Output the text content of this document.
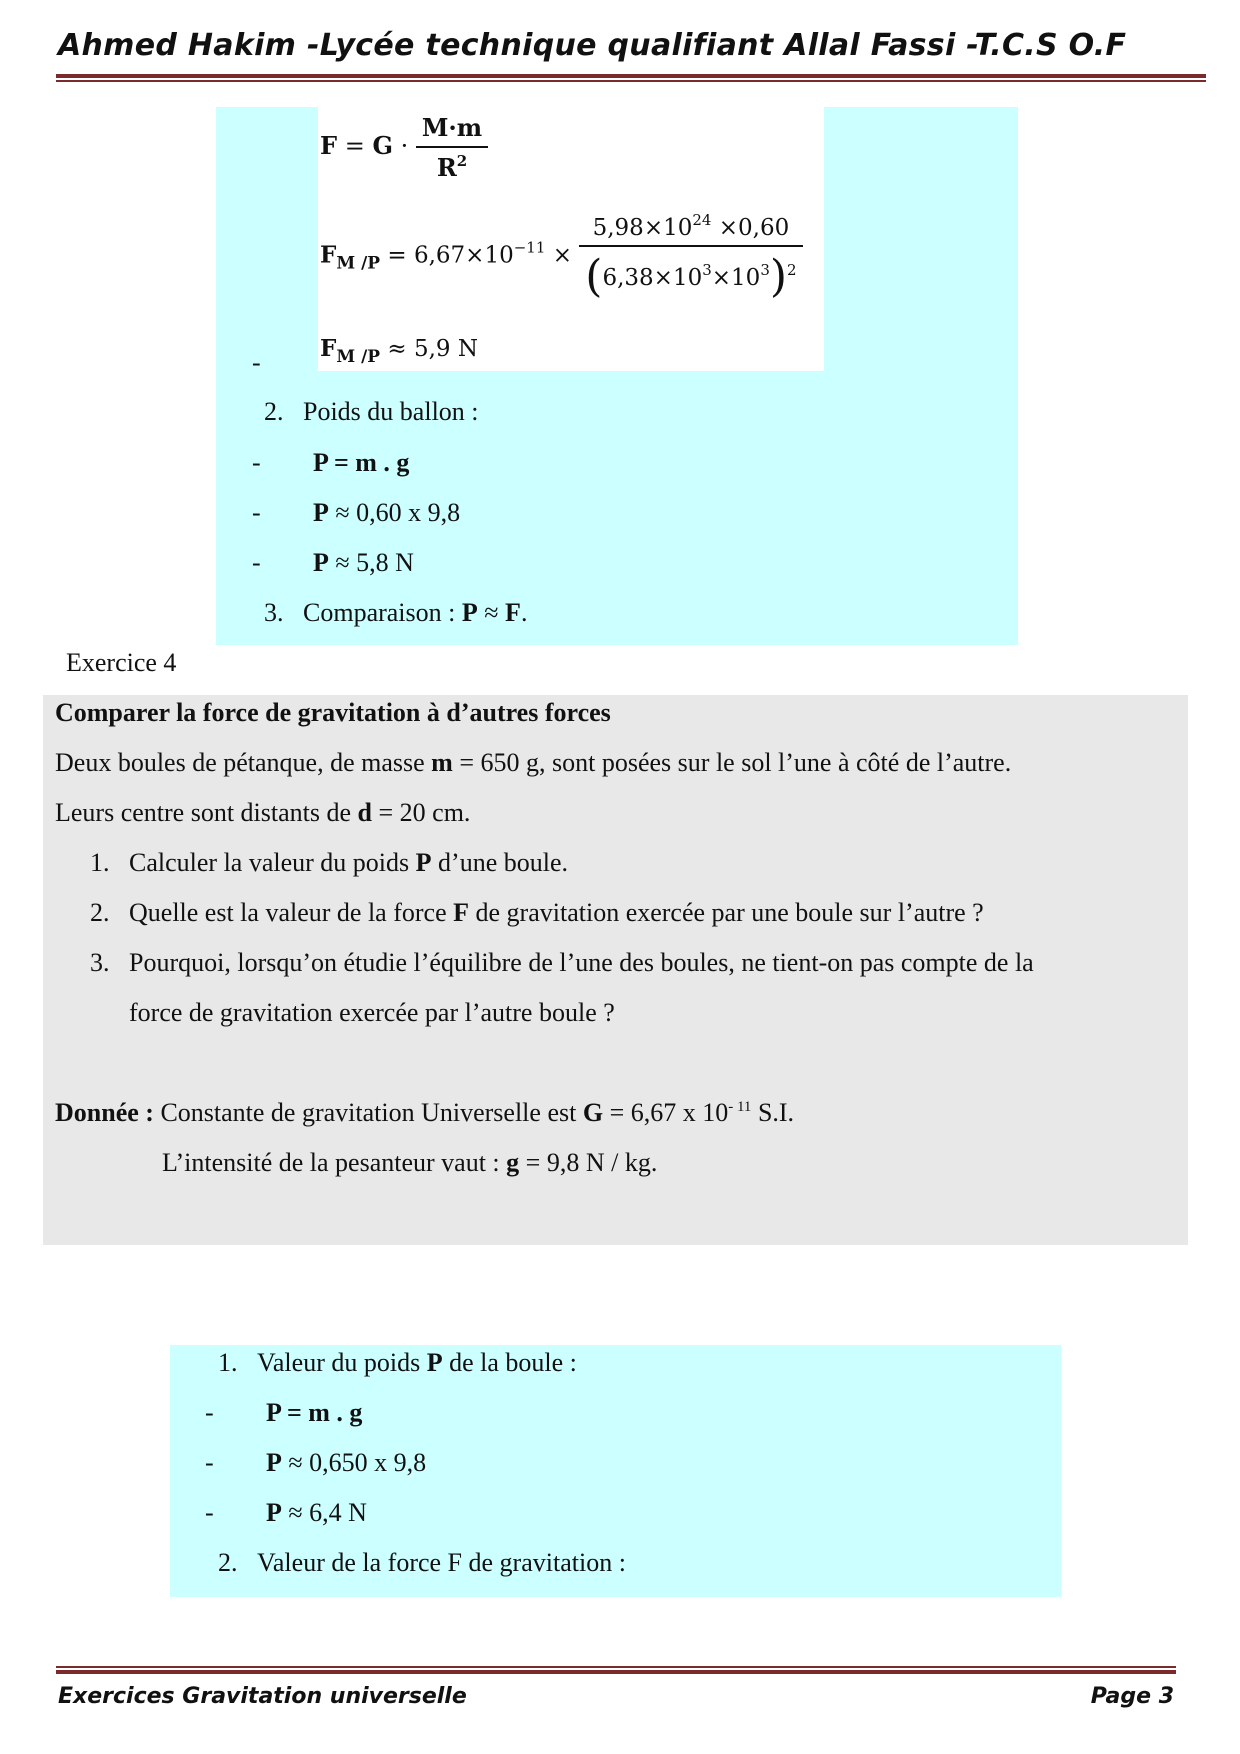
Ahmed Hakim -Lycée technique qualifiant Allal Fassi -T.C.S O.F
$F = G \cdot \frac{M\cdot m}{R^2}$
$F_{M /P} = 6,67\times 10^{-11} \times \frac{5,98\times 10^{24} \times 0,60}{(6,38\times 10^3\times 10^3)^2}$
$F_{M /P} \approx 5,9$ N
-
2. Poids du ballon :
- P = m . g
- P ≈ 0,60 x 9,8
- P ≈ 5,8 N
3. Comparaison : P ≈ F.
Exercice 4
Comparer la force de gravitation à d’autres forces
Deux boules de pétanque, de masse m = 650 g, sont posées sur le sol l’une à côté de l’autre.
Leurs centre sont distants de d = 20 cm.
1. Calculer la valeur du poids P d’une boule.
2. Quelle est la valeur de la force F de gravitation exercée par une boule sur l’autre ?
3. Pourquoi, lorsqu’on étudie l’équilibre de l’une des boules, ne tient-on pas compte de la
force de gravitation exercée par l’autre boule ?
Donnée : Constante de gravitation Universelle est G = 6,67 x $10^{- 11}$ S.I.
L’intensité de la pesanteur vaut : g = 9,8 N / kg.
1. Valeur du poids P de la boule :
- P = m . g
- P ≈ 0,650 x 9,8
- P ≈ 6,4 N
2. Valeur de la force F de gravitation :
Exercices Gravitation universelle	Page 3
